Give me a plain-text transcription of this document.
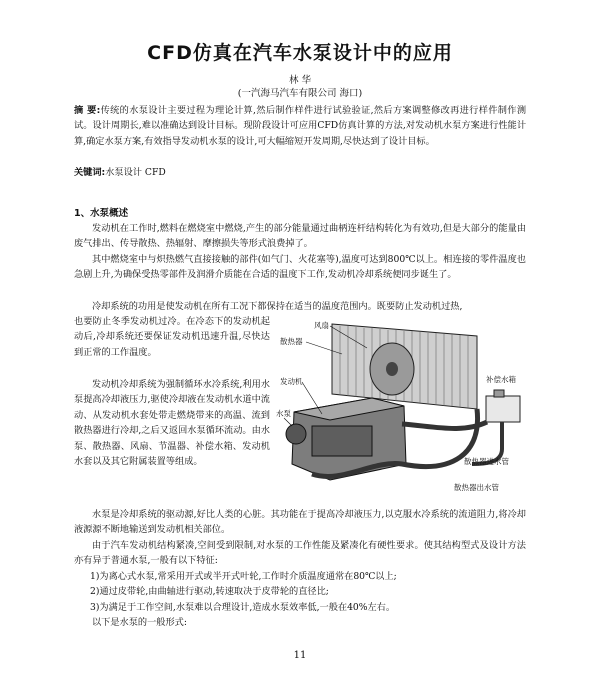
CFD仿真在汽车水泵设计中的应用
林 华
(一汽海马汽车有限公司 海口)

摘 要:传统的水泵设计主要过程为理论计算,然后制作样件进行试验验证,然后方案调整修改再进行样件制作测试。设计周期长,难以准确达到设计目标。现阶段设计可应用CFD仿真计算的方法,对发动机水泵方案进行性能计算,确定水泵方案,有效指导发动机水泵的设计,可大幅缩短开发周期,尽快达到了设计目标。

关键词:水泵设计 CFD

1、水泵概述

发动机在工作时,燃料在燃烧室中燃烧,产生的部分能量通过曲柄连杆结构转化为有效功,但是大部分的能量由废气排出、传导散热、热辐射、摩擦损失等形式浪费掉了。

其中燃烧室中与炽热燃气直接接触的部件(如气门、火花塞等),温度可达到800℃以上。相连接的零件温度也急剧上升,为确保受热零部件及润滑介质能在合适的温度下工作,发动机冷却系统便同步诞生了。

冷却系统的功用是使发动机在所有工况下都保持在适当的温度范围内。既要防止发动机过热,

也要防止冬季发动机过冷。在冷态下的发动机起动后,冷却系统还要保证发动机迅速升温,尽快达到正常的工作温度。

发动机冷却系统为强制循环水冷系统,利用水泵提高冷却液压力,驱使冷却液在发动机水道中流动、从发动机水套处带走燃烧带来的高温、流到散热器进行冷却,之后又返回水泵循环流动。由水泵、散热器、风扇、节温器、补偿水箱、发动机水套以及其它附属装置等组成。

风扇
散热器
发动机
水泵
补偿水箱
散热器进水管
散热器出水管

水泵是冷却系统的驱动源,好比人类的心脏。其功能在于提高冷却液压力,以克服水冷系统的流道阻力,将冷却液源源不断地输送到发动机相关部位。

由于汽车发动机结构紧凑,空间受到限制,对水泵的工作性能及紧凑化有硬性要求。使其结构型式及设计方法亦有异于普通水泵,一般有以下特征:

1)为离心式水泵,常采用开式或半开式叶轮,工作时介质温度通常在80℃以上;

2)通过皮带轮,由曲轴进行驱动,转速取决于皮带轮的直径比;

3)为满足于工作空间,水泵难以合理设计,造成水泵效率低,一般在40%左右。

以下是水泵的一般形式:

11
